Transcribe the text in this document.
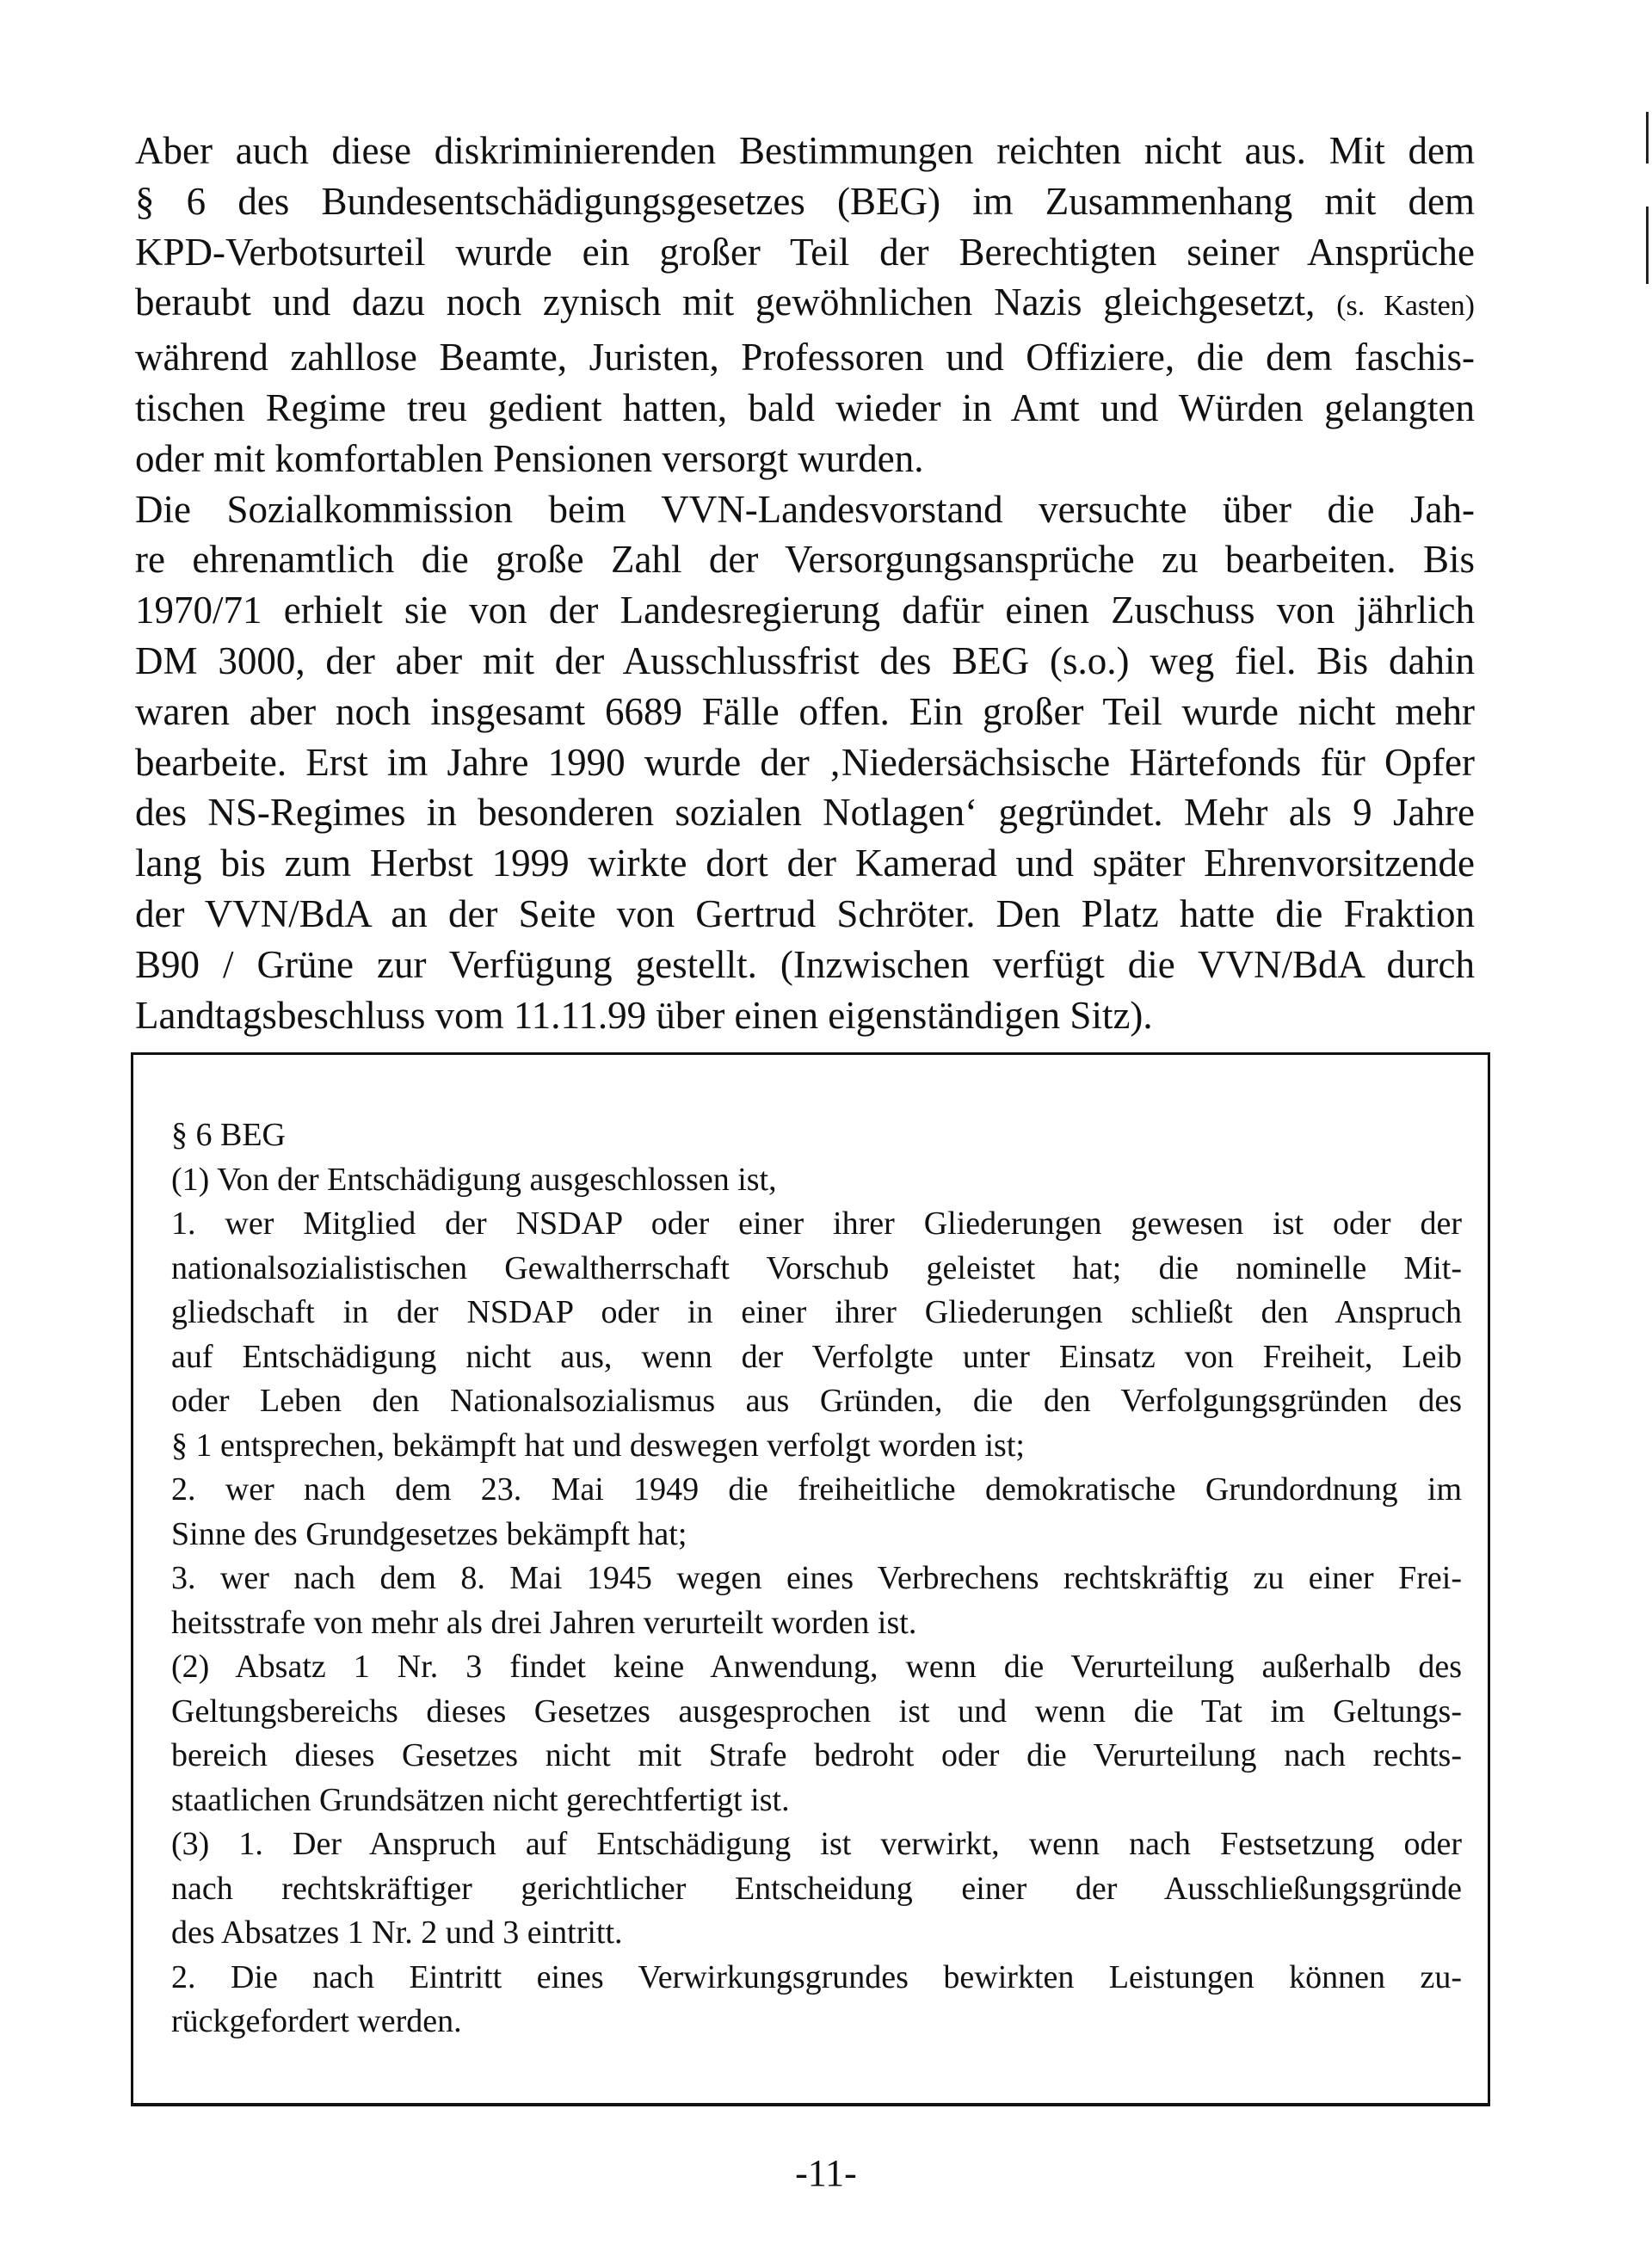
Aber auch diese diskriminierenden Bestimmungen reichten nicht aus. Mit dem
§ 6 des Bundesentschädigungsgesetzes (BEG) im Zusammenhang mit dem
KPD-Verbotsurteil wurde ein großer Teil der Berechtigten seiner Ansprüche
beraubt und dazu noch zynisch mit gewöhnlichen Nazis gleichgesetzt, (s. Kasten)
während zahllose Beamte, Juristen, Professoren und Offiziere, die dem faschis-
tischen Regime treu gedient hatten, bald wieder in Amt und Würden gelangten
oder mit komfortablen Pensionen versorgt wurden.

Die Sozialkommission beim VVN-Landesvorstand versuchte über die Jah-
re ehrenamtlich die große Zahl der Versorgungsansprüche zu bearbeiten. Bis
1970/71 erhielt sie von der Landesregierung dafür einen Zuschuss von jährlich
DM 3000, der aber mit der Ausschlussfrist des BEG (s.o.) weg fiel. Bis dahin
waren aber noch insgesamt 6689 Fälle offen. Ein großer Teil wurde nicht mehr
bearbeite. Erst im Jahre 1990 wurde der ‚Niedersächsische Härtefonds für Opfer
des NS-Regimes in besonderen sozialen Notlagen‘ gegründet. Mehr als 9 Jahre
lang bis zum Herbst 1999 wirkte dort der Kamerad und später Ehrenvorsitzende
der VVN/BdA an der Seite von Gertrud Schröter. Den Platz hatte die Fraktion
B90 / Grüne zur Verfügung gestellt. (Inzwischen verfügt die VVN/BdA durch
Landtagsbeschluss vom 11.11.99 über einen eigenständigen Sitz).

§ 6 BEG

(1) Von der Entschädigung ausgeschlossen ist,
1. wer Mitglied der NSDAP oder einer ihrer Gliederungen gewesen ist oder der
nationalsozialistischen Gewaltherrschaft Vorschub geleistet hat; die nominelle Mit-
gliedschaft in der NSDAP oder in einer ihrer Gliederungen schließt den Anspruch
auf Entschädigung nicht aus, wenn der Verfolgte unter Einsatz von Freiheit, Leib
oder Leben den Nationalsozialismus aus Gründen, die den Verfolgungsgründen des
§ 1 entsprechen, bekämpft hat und deswegen verfolgt worden ist;
2. wer nach dem 23. Mai 1949 die freiheitliche demokratische Grundordnung im
Sinne des Grundgesetzes bekämpft hat;
3. wer nach dem 8. Mai 1945 wegen eines Verbrechens rechtskräftig zu einer Frei-
heitsstrafe von mehr als drei Jahren verurteilt worden ist.
(2) Absatz 1 Nr. 3 findet keine Anwendung, wenn die Verurteilung außerhalb des
Geltungsbereichs dieses Gesetzes ausgesprochen ist und wenn die Tat im Geltungs-
bereich dieses Gesetzes nicht mit Strafe bedroht oder die Verurteilung nach rechts-
staatlichen Grundsätzen nicht gerechtfertigt ist.
(3) 1. Der Anspruch auf Entschädigung ist verwirkt, wenn nach Festsetzung oder
nach rechtskräftiger gerichtlicher Entscheidung einer der Ausschließungsgründe
des Absatzes 1 Nr. 2 und 3 eintritt.
2. Die nach Eintritt eines Verwirkungsgrundes bewirkten Leistungen können zu-
rückgefordert werden.

-11-
